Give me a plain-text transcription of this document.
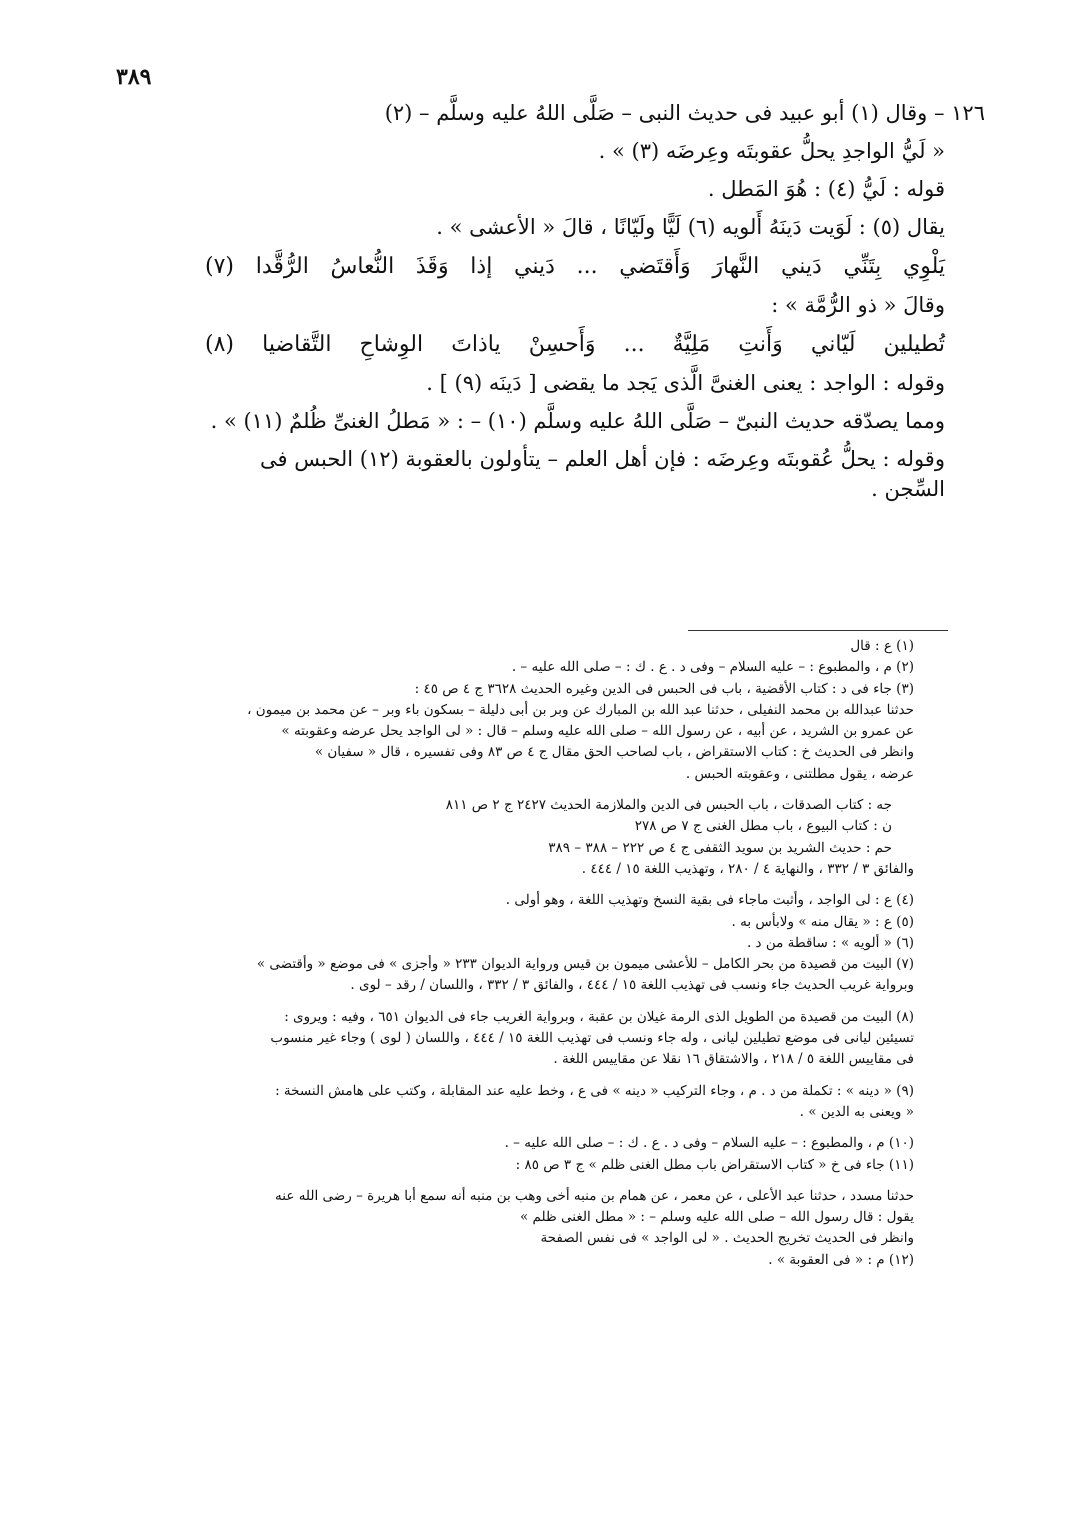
٣٨٩

١٢٦ – وقال (١) أبو عبيد فى حديث النبى – صَلَّى اللهُ عليه وسلَّم – (٢)

« لَيُّ الواجدِ يحلُّ عقوبتَه وعِرضَه (٣) » .

قوله : لَيُّ (٤) : هُوَ المَطل .

يقال (٥) : لَوَيت دَينَهُ أَلويه (٦) لَيًّا ولَيّانًا ، قالَ « الأعشى » .

يَلْوِي بِتَنِّي دَيني النَّهارَ وَأَقتَضي ... دَيني إذا وَقَذَ النُّعاسُ الرُّقَّدا (٧)

وقالَ « ذو الرُّمَّة » :

تُطيلين لَيّاني وَأَنتِ مَلِيَّةٌ ... وَأَحسِنْ ياذاتَ الوِشاحِ التَّقاضيا (٨)

وقوله : الواجد : يعنى الغنىَّ الَّذى يَجد ما يقضى [ دَينَه (٩) ] .

ومما يصدّقه حديث النبىّ – صَلَّى اللهُ عليه وسلَّم (١٠) – : « مَطلُ الغنىِّ ظُلمٌ (١١) » .

وقوله : يحلُّ عُقوبتَه وعِرضَه : فإن أهل العلم – يتأولون بالعقوبة (١٢) الحبس فى

السِّجن .

(١) ع : قال

(٢) م ، والمطبوع : – عليه السلام – وفى د . ع . ك : – صلى الله عليه – .

(٣) جاء فى د : كتاب الأقضية ، باب فى الحبس فى الدين وغيره الحديث ٣٦٢٨ ج ٤ ص ٤٥ :

حدثنا عبدالله بن محمد النفيلى ، حدثنا عبد الله بن المبارك عن وبر بن أبى دليلة – بسكون باء وبر – عن محمد بن ميمون ،

عن عمرو بن الشريد ، عن أبيه ، عن رسول الله – صلى الله عليه وسلم – قال : « لى الواجد يحل عرضه وعقوبته »

وانظر فى الحديث خ : كتاب الاستقراض ، باب لصاحب الحق مقال ج ٤ ص ٨٣ وفى تفسيره ، قال « سفيان »

عرضه ، يقول مطلتنى ، وعقوبته الحبس .

جه : كتاب الصدقات ، باب الحبس فى الدين والملازمة الحديث ٢٤٢٧ ج ٢ ص ٨١١

ن : كتاب البيوع ، باب مطل الغنى ج ٧ ص ٢٧٨

حم : حديث الشريد بن سويد الثقفى ج ٤ ص ٢٢٢ – ٣٨٨ – ٣٨٩

والفائق ٣ / ٣٣٢ ، والنهاية ٤ / ٢٨٠ ، وتهذيب اللغة ١٥ / ٤٤٤ .

(٤) ع : لى الواجد ، وأثبت ماجاء فى بقية النسخ وتهذيب اللغة ، وهو أولى .

(٥) ع : « يقال منه » ولابأس به .

(٦) « ألويه » : ساقطة من د .

(٧) البيت من قصيدة من بحر الكامل – للأعشى ميمون بن قيس ورواية الديوان ٢٣٣ « وأجزى » فى موضع « وأقتضى »

وبرواية غريب الحديث جاء ونسب فى تهذيب اللغة ١٥ / ٤٤٤ ، والفائق ٣ / ٣٣٢ ، واللسان / رقد – لوى .

(٨) البيت من قصيدة من الطويل الذى الرمة غيلان بن عقبة ، وبرواية الغريب جاء فى الديوان ٦٥١ ، وفيه : ويروى :

تسيئين ليانى فى موضع تطيلين ليانى ، وله جاء ونسب فى تهذيب اللغة ١٥ / ٤٤٤ ، واللسان ( لوى ) وجاء غير منسوب

فى مقاييس اللغة ٥ / ٢١٨ ، والاشتقاق ١٦ نقلا عن مقاييس اللغة .

(٩) « دينه » : تكملة من د . م ، وجاء التركيب « دينه » فى ع ، وخط عليه عند المقابلة ، وكتب على هامش النسخة :

« ويعنى به الدين » .

(١٠) م ، والمطبوع : – عليه السلام – وفى د . ع . ك : – صلى الله عليه – .

(١١) جاء فى خ « كتاب الاستقراض باب مطل الغنى ظلم » ج ٣ ص ٨٥ :

حدثنا مسدد ، حدثنا عبد الأعلى ، عن معمر ، عن همام بن منبه أخى وهب بن منبه أنه سمع أبا هريرة – رضى الله عنه

يقول : قال رسول الله – صلى الله عليه وسلم – : « مطل الغنى ظلم »

وانظر فى الحديث تخريج الحديث . « لى الواجد » فى نفس الصفحة

(١٢) م : « فى العقوبة » .
